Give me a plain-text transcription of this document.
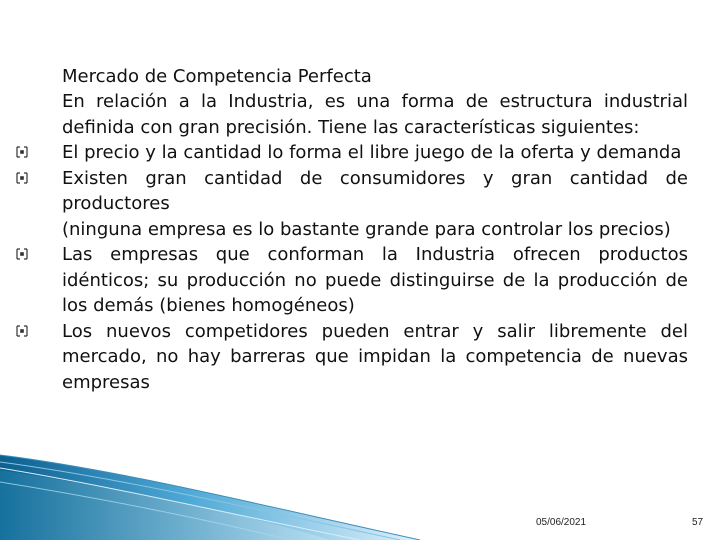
Mercado de Competencia Perfecta
En relación a la Industria, es una forma de estructura industrial definida con gran precisión. Tiene las características siguientes:
El precio y la cantidad lo forma el libre juego de la oferta y demanda
Existen gran cantidad de consumidores y gran cantidad de productores
(ninguna empresa es lo bastante grande para controlar los precios)
Las empresas que conforman la Industria ofrecen productos idénticos; su producción no puede distinguirse de la producción de los demás (bienes homogéneos)
Los nuevos competidores pueden entrar y salir libremente del mercado, no hay barreras que impidan la competencia de nuevas empresas
05/06/2021	57
